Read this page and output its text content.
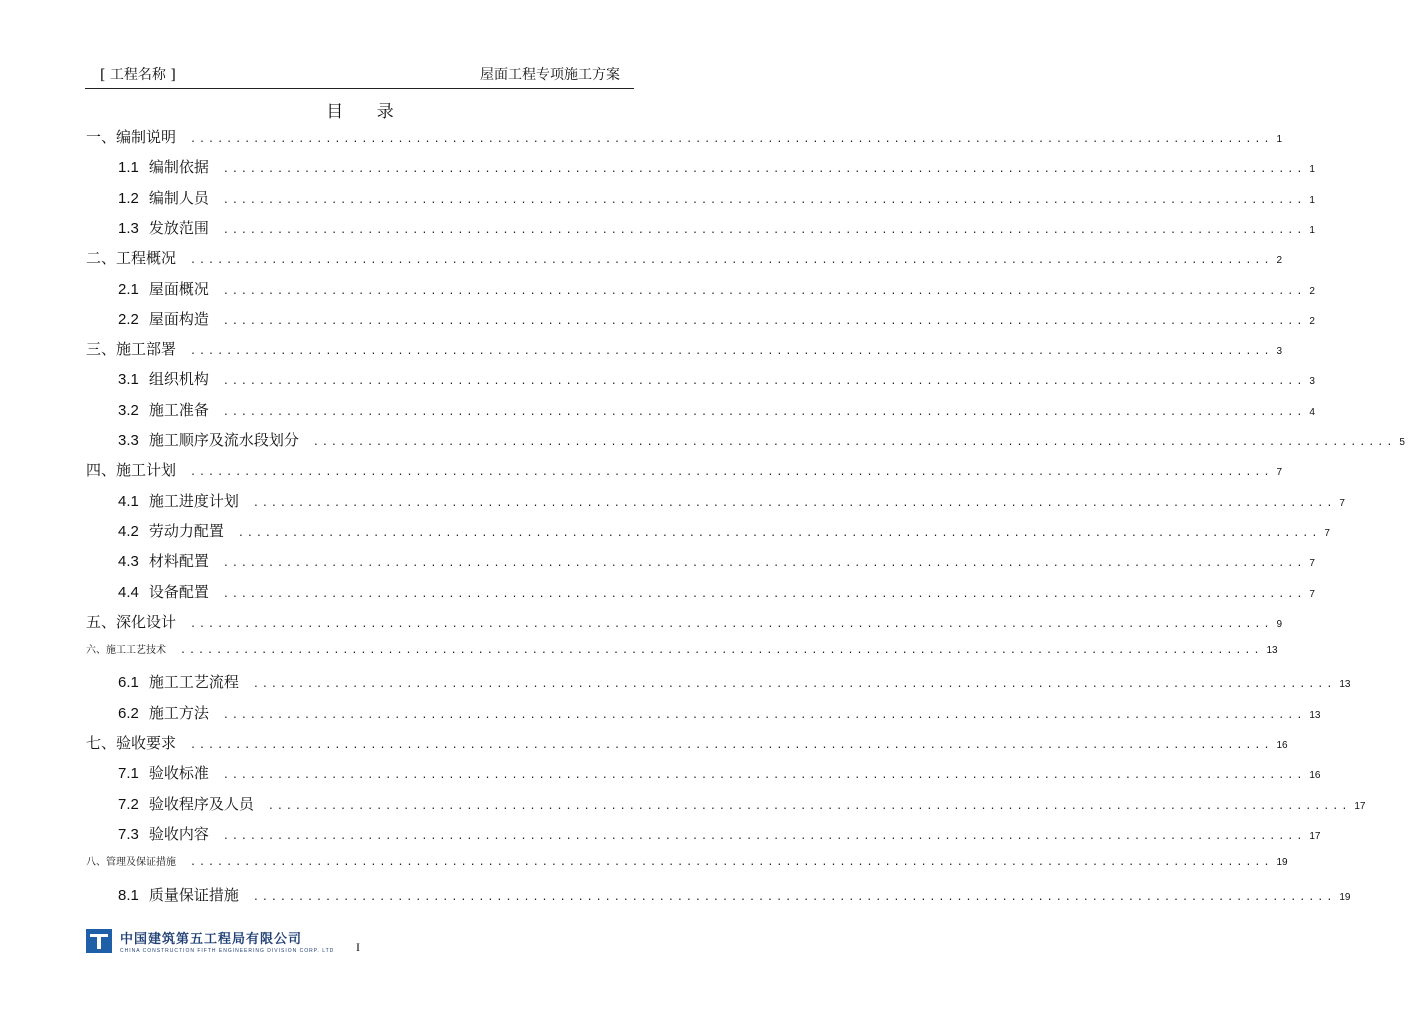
[ 工程名称 ]	屋面工程专项施工方案
目 录
一、编制说明 ........................................................................................................................ 1
1.1 编制依据 ........................................................................................................................ 1
1.2 编制人员 ........................................................................................................................ 1
1.3 发放范围 ........................................................................................................................ 1
二、工程概况 ........................................................................................................................ 2
2.1 屋面概况 ........................................................................................................................ 2
2.2 屋面构造 ........................................................................................................................ 2
三、施工部署 ........................................................................................................................ 3
3.1 组织机构 ........................................................................................................................ 3
3.2 施工准备 ........................................................................................................................ 4
3.3 施工顺序及流水段划分 ........................................................................................................................ 5
四、施工计划 ........................................................................................................................ 7
4.1 施工进度计划 ........................................................................................................................ 7
4.2 劳动力配置 ........................................................................................................................ 7
4.3 材料配置 ........................................................................................................................ 7
4.4 设备配置 ........................................................................................................................ 7
五、深化设计 ........................................................................................................................ 9
六、施工工艺技术 ........................................................................................................................ 13
6.1 施工工艺流程 ........................................................................................................................ 13
6.2 施工方法 ........................................................................................................................ 13
七、验收要求 ........................................................................................................................ 16
7.1 验收标准 ........................................................................................................................ 16
7.2 验收程序及人员 ........................................................................................................................ 17
7.3 验收内容 ........................................................................................................................ 17
八、管理及保证措施 ........................................................................................................................ 19
8.1 质量保证措施 ........................................................................................................................ 19
中国建筑第五工程局有限公司
CHINA CONSTRUCTION FIFTH ENGINEERING DIVISION CORP. LTD I
